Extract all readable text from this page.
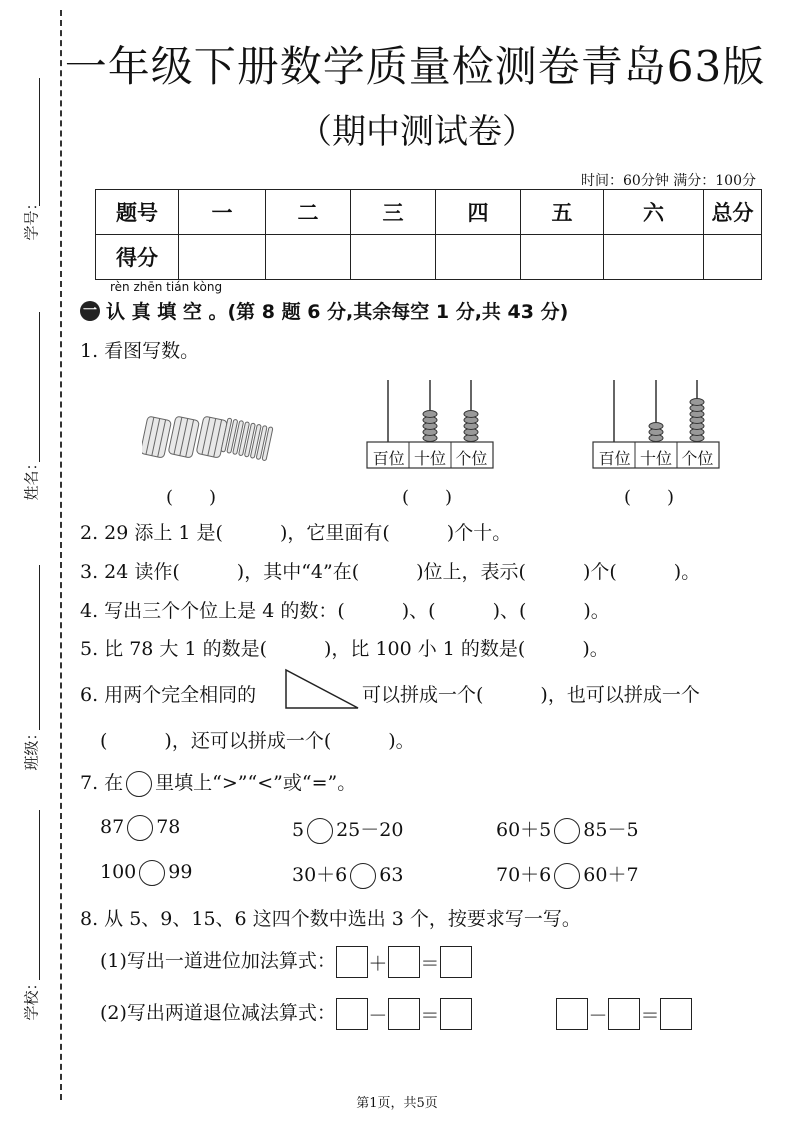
学号：
姓名：
班级：
学校：
一年级下册数学质量检测卷青岛63版
（期中测试卷）
时间：60分钟 满分：100分
题号	一	二	三	四	五	六	总分
得分							
rèn zhēn tián kòng
一 认 真 填 空 。(第 8 题 6 分,其余每空 1 分,共 43 分)
1. 看图写数。
百位 十位 个位	百位 十位 个位
(　　)	(　　)	(　　)
2. 29 添上 1 是(　　　)，它里面有(　　　)个十。
3. 24 读作(　　　)，其中“4”在(　　　)位上，表示(　　　)个(　　　)。
4. 写出三个个位上是 4 的数：(　　　)、(　　　)、(　　　)。
5. 比 78 大 1 的数是(　　　)，比 100 小 1 的数是(　　　)。
6. 用两个完全相同的	可以拼成一个(　　　)，也可以拼成一个
(　　　)，还可以拼成一个(　　　)。
7. 在 里填上“>”“<”或“=”。
87 78	5 25－20	60＋5 85－5
100 99	30＋6 63	70＋6 60＋7
8. 从 5、9、15、6 这四个数中选出 3 个，按要求写一写。
(1)写出一道进位加法算式： ＋ ＝
(2)写出两道退位减法算式： － ＝	－ ＝
第1页，共5页
